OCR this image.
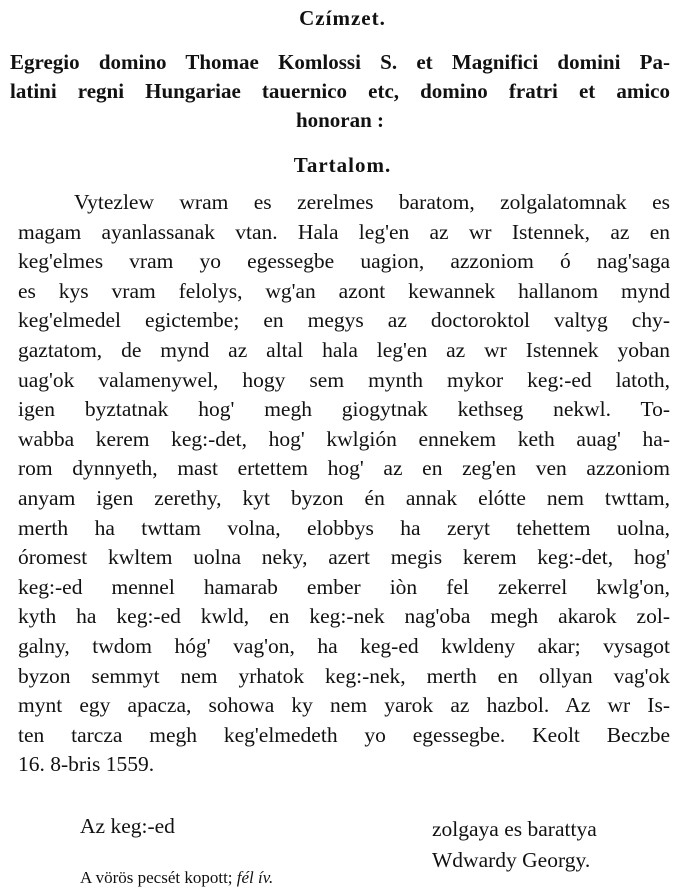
Czímzet.
Egregio domino Thomae Komlossi S. et Magnifici domini Pa-
latini regni Hungariae tauernico etc, domino fratri et amico
honoran :
Tartalom.
Vytezlew wram es zerelmes baratom, zolgalatomnak es
magam ayanlassanak vtan. Hala leg'en az wr Istennek, az en
keg'elmes vram yo egessegbe uagion, azzoniom ó nag'saga
es kys vram felolys, wg'an azont kewannek hallanom mynd
keg'elmedel egictembe; en megys az doctoroktol valtyg chy-
gaztatom, de mynd az altal hala leg'en az wr Istennek yoban
uag'ok valamenywel, hogy sem mynth mykor keg:-ed latoth,
igen byztatnak hog' megh giogytnak kethseg nekwl. To-
wabba kerem keg:-det, hog' kwlgión ennekem keth auag' ha-
rom dynnyeth, mast ertettem hog' az en zeg'en ven azzoniom
anyam igen zerethy, kyt byzon én annak elótte nem twttam,
merth ha twttam volna, elobbys ha zeryt tehettem uolna,
óromest kwltem uolna neky, azert megis kerem keg:-det, hog'
keg:-ed mennel hamarab ember iòn fel zekerrel kwlg'on,
kyth ha keg:-ed kwld, en keg:-nek nag'oba megh akarok zol-
galny, twdom hóg' vag'on, ha keg-ed kwldeny akar; vysagot
byzon semmyt nem yrhatok keg:-nek, merth en ollyan vag'ok
mynt egy apacza, sohowa ky nem yarok az hazbol. Az wr Is-
ten tarcza megh keg'elmedeth yo egessegbe. Keolt Beczbe
16. 8-bris 1559.
Az keg:-ed	zolgaya es barattya
Wdwardy Georgy.
A vörös pecsét kopott; fél ív.
